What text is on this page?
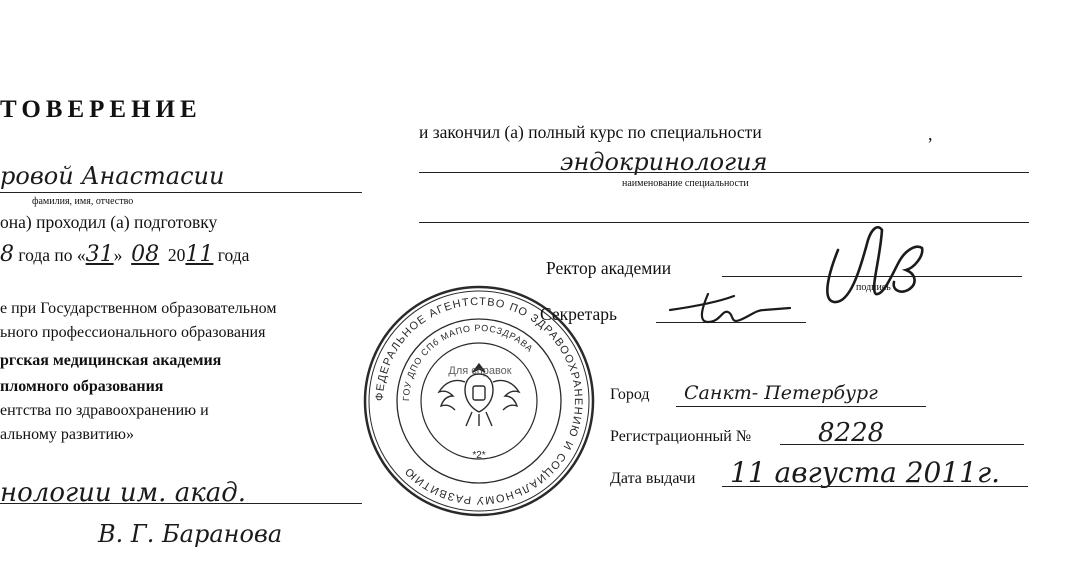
ТОВЕРЕНИЕ
ровой Анастасии
фамилия, имя, отчество
она) проходил (а) подготовку
8 года по «31» 08 2011 года
е при Государственном образовательном
ьного профессионального образования
ргская медицинская академия
пломного образования
ентства по здравоохранению и
альному развитию»
нологии им. акад.
В. Г. Баранова
ФЕДЕРАЛЬНОЕ АГЕНТСТВО ПО ЗДРАВООХРАНЕНИЮ И СОЦИАЛЬНОМУ РАЗВИТИЮ
ГОУ ДПО СПб МАПО РОСЗДРАВА
*2*
Для справок
и закончил (а) полный курс по специальности	,
эндокринология
наименование специальности
Ректор академии
подпись
Секретарь
Город Санкт- Петербург
Регистрационный №	8228
Дата выдачи 11 августа 2011г.
